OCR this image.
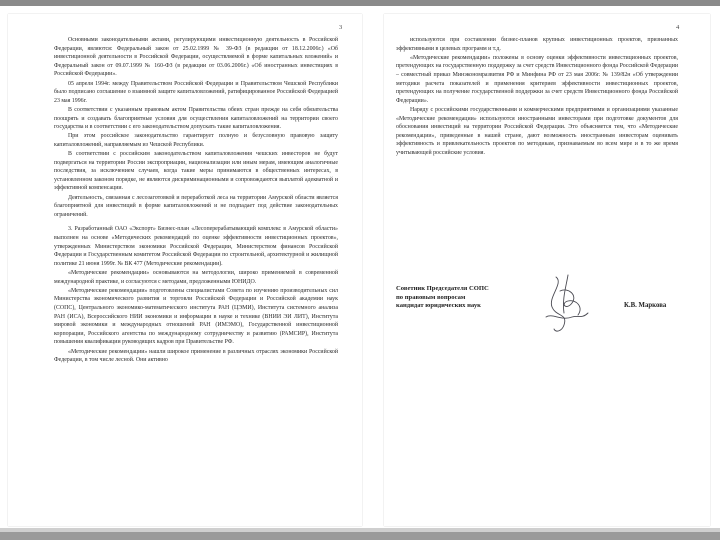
3

Основными законодательными актами, регулирующими инвестиционную деятельность в Российской Федерации, являются: Федеральный закон от 25.02.1999 № 39-ФЗ (в редакции от 18.12.2006г.) «Об инвестиционной деятельности в Российской Федерации, осуществляемой в форме капитальных вложений» и Федеральный закон от 09.07.1999 № 160-ФЗ (в редакции от 03.06.2006г.) «Об иностранных инвестициях в Российской Федерации».

05 апреля 1994г. между Правительством Российской Федерации и Правительством Чешской Республики было подписано соглашение о взаимной защите капиталовложений, ратифицированное Российской Федерацией 23 мая 1996г.

В соответствии с указанным правовым актом Правительства обеих стран прежде на себя обязательства поощрять и создавать благоприятные условия для осуществления капиталовложений на территории своего государства и в соответствии с его законодательством допускать такие капиталовложения.

При этом российское законодательство гарантирует полную и безусловную правовую защиту капиталовложений, направляемым из Чешской Республики.

В соответствии с российским законодательством капиталовложения чешских инвесторов не будут подвергаться на территории России экспроприации, национализации или иным мерам, имеющим аналогичные последствия, за исключением случаев, когда такие меры принимаются в общественных интересах, в установленном законом порядке, не являются дискриминационными и сопровождаются выплатой адекватной и эффективной компенсации.

Деятельность, связанная с лесозаготовкой и переработкой леса на территории Амурской области является благоприятной для инвестиций в форме капиталовложений и не подпадает под действие законодательных ограничений.

3. Разработанный ОАО «Экспорт» Бизнес-план «Лесоперерабатывающий комплекс в Амурской области» выполнен на основе «Методических рекомендаций по оценке эффективности инвестиционных проектов», утвержденных Министерством экономики Российской Федерации, Министерством финансов Российской Федерации и Государственным комитетом Российской Федерации по строительной, архитектурной и жилищной политике 21 июня 1999г. № ВК 477 (Методические рекомендации).

«Методические рекомендации» основываются на методологии, широко применяемой в современной международной практике, и согласуются с методами, предложенными ЮНИДО.

«Методические рекомендации» подготовлены специалистами Совета по изучению производительных сил Министерства экономического развития и торговли Российской Федерации и Российской академии наук (СОПС), Центрального экономико-математического института РАН (ЦЭМИ), Института системного анализа РАН (ИСА), Всероссийского НИИ экономики и информации в науке и технике (ВНИИ ЭИ ЛИТ), Института мировой экономики и международных отношений РАН (ИМЭМО), Государственной инвестиционной корпорации, Российского агентства по международному сотрудничеству и развитию (РАМСИР), Института повышения квалификации руководящих кадров при Правительстве РФ.

«Методические рекомендации» нашли широкое применение в различных отраслях экономики Российской Федерации, в том числе лесной. Они активно

4

используются при составлении бизнес-планов крупных инвестиционных проектов, признанных эффективными в целевых программ и т.д.

«Методические рекомендации» положены в основу оценки эффективности инвестиционных проектов, претендующих на государственную поддержку за счет средств Инвестиционного фонда Российской Федерации – совместный приказ Минэкономразвития РФ и Минфина РФ от 23 мая 2006г. № 139/82н «Об утверждении методики расчета показателей и применения критериев эффективности инвестиционных проектов, претендующих на получение государственной поддержки за счет средств Инвестиционного фонда Российской Федерации».

Наряду с российскими государственными и коммерческими предприятиями и организациями указанные «Методические рекомендации» используются иностранными инвесторами при подготовке документов для обоснования инвестиций на территории Российской Федерации. Это объясняется тем, что «Методические рекомендации», приведенные в нашей стране, дают возможность иностранным инвесторам оценивать эффективность и привлекательность проектов по методикам, признаваемым во всем мире и в то же время учитывающей российские условия.

Советник Председателя СОПС
по правовым вопросам
кандидат юридических наук	К.В. Маркова
